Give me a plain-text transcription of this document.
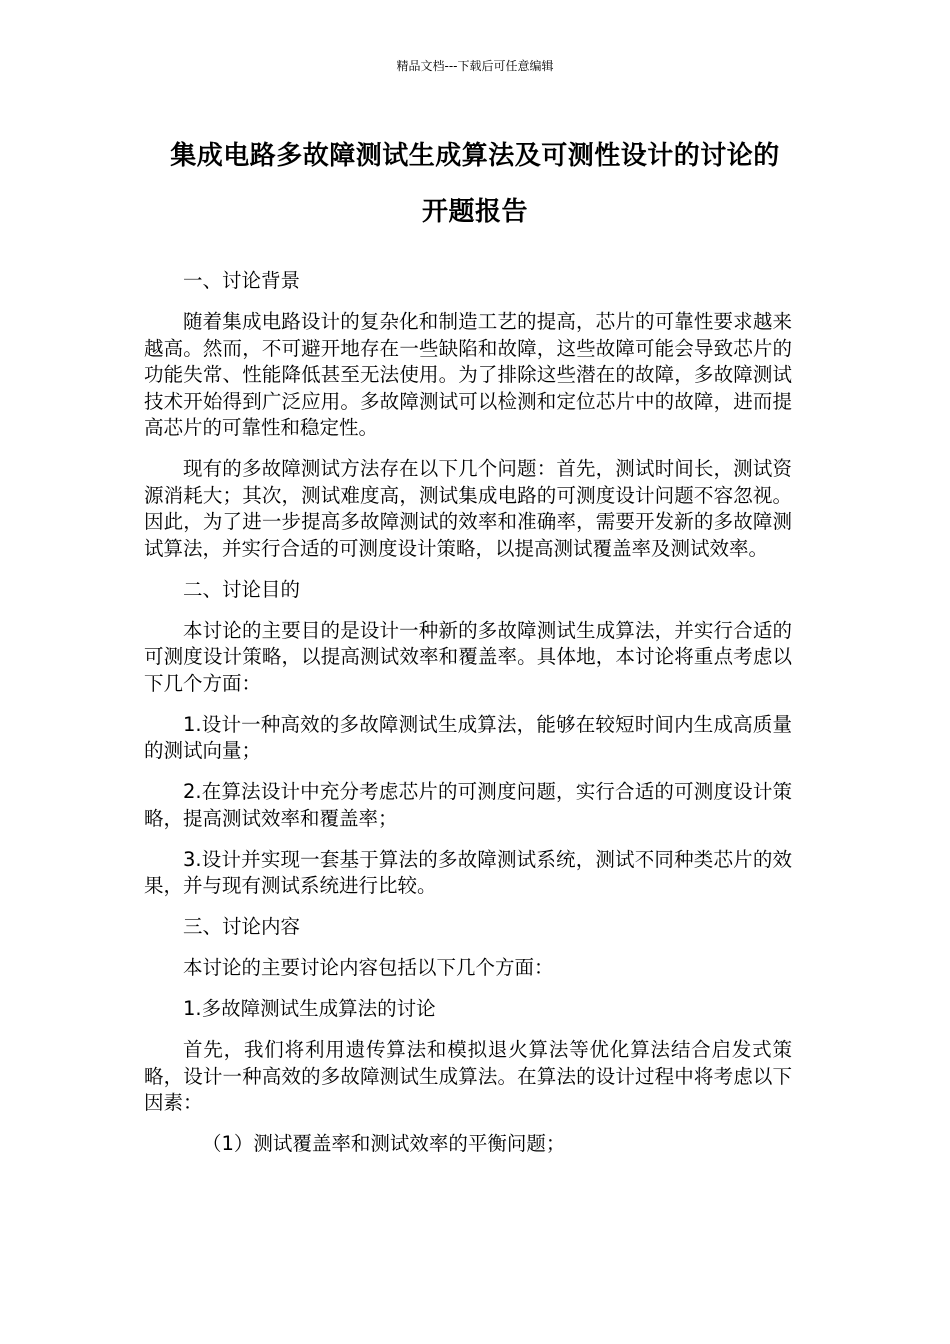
精品文档---下载后可任意编辑
集成电路多故障测试生成算法及可测性设计的讨论的
开题报告

一、讨论背景

随着集成电路设计的复杂化和制造工艺的提高，芯片的可靠性要求越来越高。然而，不可避开地存在一些缺陷和故障，这些故障可能会导致芯片的功能失常、性能降低甚至无法使用。为了排除这些潜在的故障，多故障测试技术开始得到广泛应用。多故障测试可以检测和定位芯片中的故障，进而提高芯片的可靠性和稳定性。

现有的多故障测试方法存在以下几个问题：首先，测试时间长，测试资源消耗大；其次，测试难度高，测试集成电路的可测度设计问题不容忽视。因此，为了进一步提高多故障测试的效率和准确率，需要开发新的多故障测试算法，并实行合适的可测度设计策略，以提高测试覆盖率及测试效率。

二、讨论目的

本讨论的主要目的是设计一种新的多故障测试生成算法，并实行合适的可测度设计策略，以提高测试效率和覆盖率。具体地，本讨论将重点考虑以下几个方面：

1.设计一种高效的多故障测试生成算法，能够在较短时间内生成高质量的测试向量；

2.在算法设计中充分考虑芯片的可测度问题，实行合适的可测度设计策略，提高测试效率和覆盖率；

3.设计并实现一套基于算法的多故障测试系统，测试不同种类芯片的效果，并与现有测试系统进行比较。

三、讨论内容

本讨论的主要讨论内容包括以下几个方面：

1.多故障测试生成算法的讨论

首先，我们将利用遗传算法和模拟退火算法等优化算法结合启发式策略，设计一种高效的多故障测试生成算法。在算法的设计过程中将考虑以下因素：

（1）测试覆盖率和测试效率的平衡问题；
